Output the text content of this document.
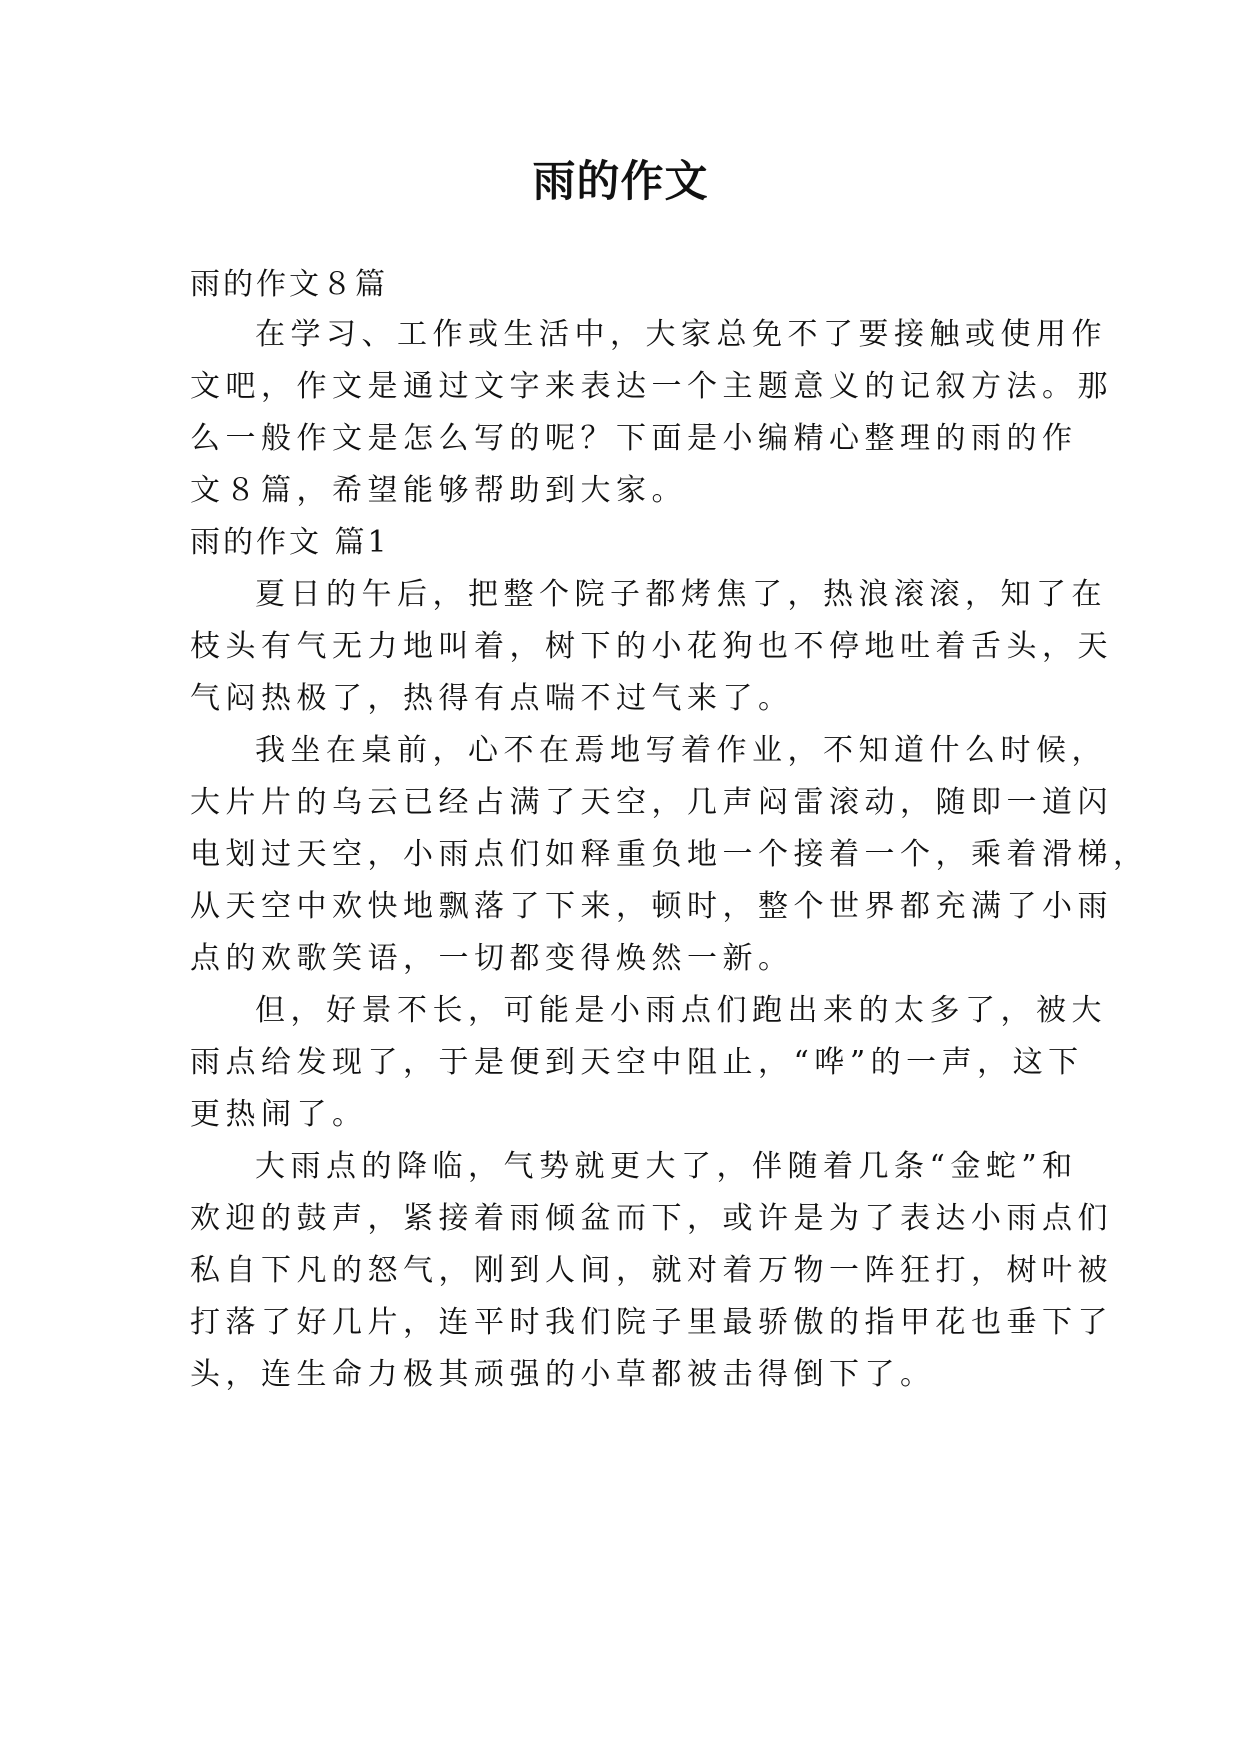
雨的作文
雨的作文８篇
在学习、工作或生活中，大家总免不了要接触或使用作
文吧，作文是通过文字来表达一个主题意义的记叙方法。那
么一般作文是怎么写的呢？下面是小编精心整理的雨的作
文８篇，希望能够帮助到大家。
雨的作文 篇1
夏日的午后，把整个院子都烤焦了，热浪滚滚，知了在
枝头有气无力地叫着，树下的小花狗也不停地吐着舌头，天
气闷热极了，热得有点喘不过气来了。
我坐在桌前，心不在焉地写着作业，不知道什么时候，
大片片的乌云已经占满了天空，几声闷雷滚动，随即一道闪
电划过天空，小雨点们如释重负地一个接着一个，乘着滑梯，
从天空中欢快地飘落了下来，顿时，整个世界都充满了小雨
点的欢歌笑语，一切都变得焕然一新。
但，好景不长，可能是小雨点们跑出来的太多了，被大
雨点给发现了，于是便到天空中阻止，“哗”的一声，这下
更热闹了。
大雨点的降临，气势就更大了，伴随着几条“金蛇”和
欢迎的鼓声，紧接着雨倾盆而下，或许是为了表达小雨点们
私自下凡的怒气，刚到人间，就对着万物一阵狂打，树叶被
打落了好几片，连平时我们院子里最骄傲的指甲花也垂下了
头，连生命力极其顽强的小草都被击得倒下了。
